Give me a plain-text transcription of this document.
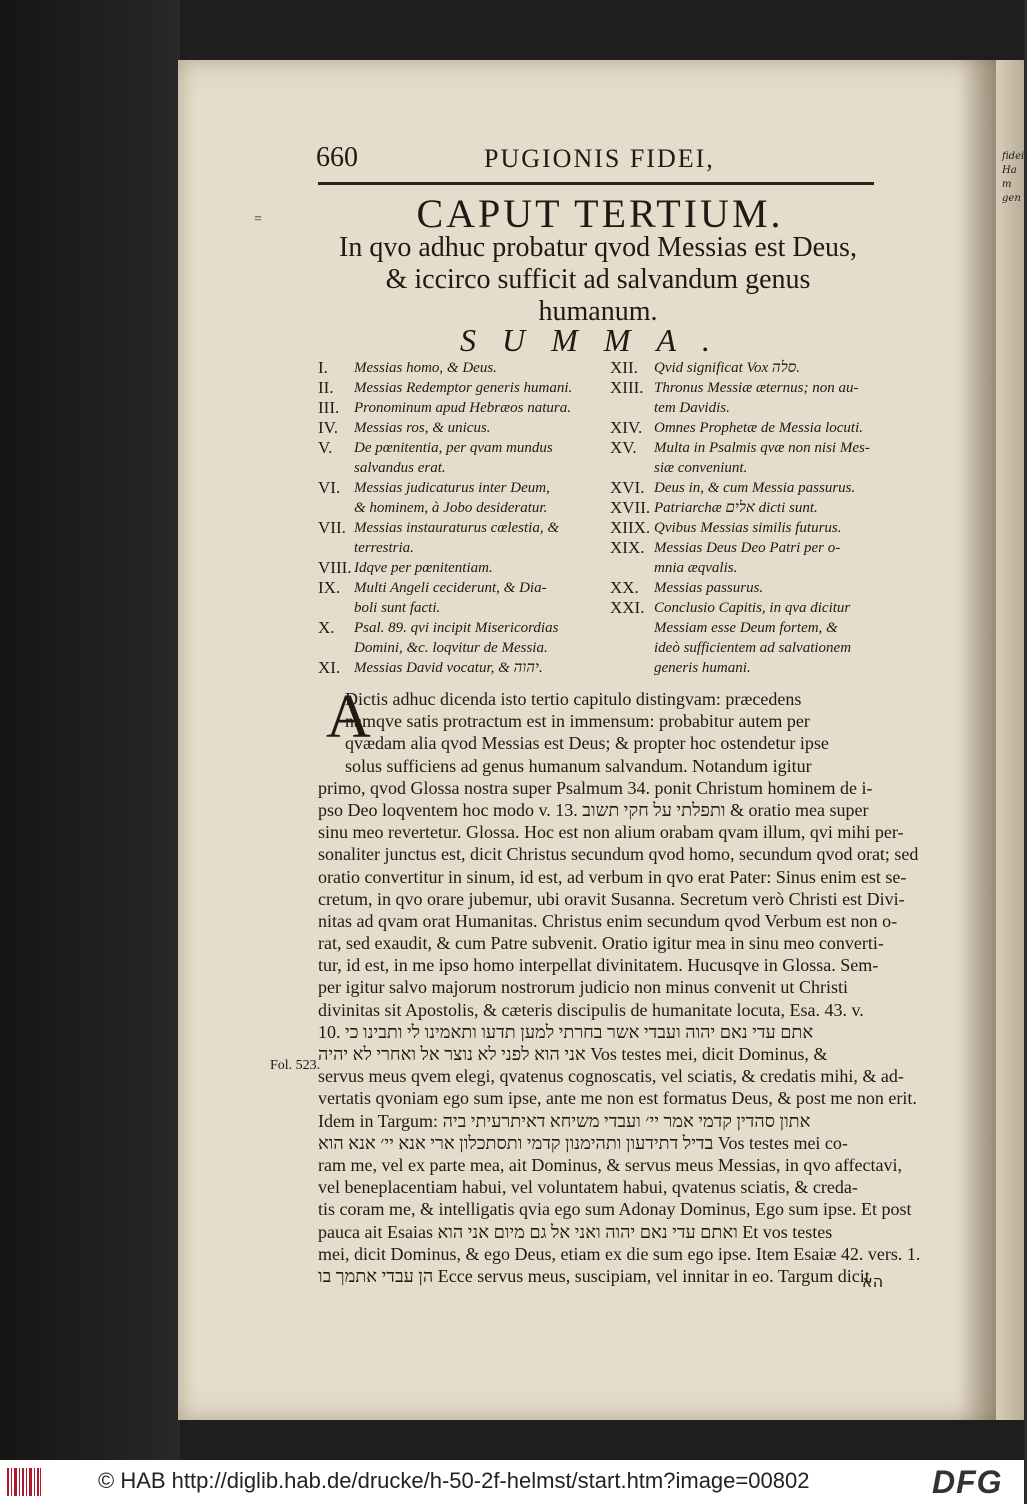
fidei, Ha m gen
660	PUGIONIS FIDEI,
=	CAPUT TERTIUM.
In qvo adhuc probatur qvod Messias est Deus,
& iccirco sufficit ad salvandum genus
humanum.
SUMMA.
I. Messias homo, & Deus.
II. Messias Redemptor generis humani.
III. Pronominum apud Hebræos natura.
IV. Messias ros, & unicus.
V. De pœnitentia, per qvam mundus
salvandus erat.
VI. Messias judicaturus inter Deum,
& hominem, à Jobo desideratur.
VII. Messias instauraturus cœlestia, &
terrestria.
VIII. Idqve per pœnitentiam.
IX. Multi Angeli ceciderunt, & Dia-
boli sunt facti.
X. Psal. 89. qvi incipit Misericordias
Domini, &c. loqvitur de Messia.
XI. Messias David vocatur, & יהוה.
XII. Qvid significat Vox סלה.
XIII. Thronus Messiæ æternus; non au-
tem Davidis.
XIV. Omnes Prophetæ de Messia locuti.
XV. Multa in Psalmis qvæ non nisi Mes-
siæ conveniunt.
XVI. Deus in, & cum Messia passurus.
XVII. Patriarchæ אלים dicti sunt.
XIIX. Qvibus Messias similis futurus.
XIX. Messias Deus Deo Patri per o-
mnia æqvalis.
XX. Messias passurus.
XXI. Conclusio Capitis, in qva dicitur
Messiam esse Deum fortem, &
ideò sufficientem ad salvationem
generis humani.
A
Dictis adhuc dicenda isto tertio capitulo distingvam: præcedens
namqve satis protractum est in immensum: probabitur autem per
qvædam alia qvod Messias est Deus; & propter hoc ostendetur ipse
solus sufficiens ad genus humanum salvandum. Notandum igitur
primo, qvod Glossa nostra super Psalmum 34. ponit Christum hominem de i-
pso Deo loqventem hoc modo v. 13. ותפלתי על חקי תשוב & oratio mea super
sinu meo revertetur. Glossa. Hoc est non alium orabam qvam illum, qvi mihi per-
sonaliter junctus est, dicit Christus secundum qvod homo, secundum qvod orat; sed
oratio convertitur in sinum, id est, ad verbum in qvo erat Pater: Sinus enim est se-
cretum, in qvo orare jubemur, ubi oravit Susanna. Secretum verò Christi est Divi-
nitas ad qvam orat Humanitas. Christus enim secundum qvod Verbum est non o-
rat, sed exaudit, & cum Patre subvenit. Oratio igitur mea in sinu meo converti-
tur, id est, in me ipso homo interpellat divinitatem. Hucusqve in Glossa. Sem-
per igitur salvo majorum nostrorum judicio non minus convenit ut Christi
divinitas sit Apostolis, & cæteris discipulis de humanitate locuta, Esa. 43. v.
10. אתם עדי נאם יהוה ועבדי אשר בחרתי למען תדעו ותאמינו לי ותבינו כי
אני הוא לפני לא נוצר אל ואחרי לא יהיה Vos testes mei, dicit Dominus, &
servus meus qvem elegi, qvatenus cognoscatis, vel sciatis, & credatis mihi, & ad-
vertatis qvoniam ego sum ipse, ante me non est formatus Deus, & post me non erit.
Idem in Targum: אתון סהדין קדמי אמר יי׳ ועבדי משיחא דאיתרעיתי ביה
בדיל דתידעון ותהימנון קדמי ותסתכלון ארי אנא יי׳ אנא הוא Vos testes mei co-
ram me, vel ex parte mea, ait Dominus, & servus meus Messias, in qvo affectavi,
vel beneplacentiam habui, vel voluntatem habui, qvatenus sciatis, & creda-
tis coram me, & intelligatis qvia ego sum Adonay Dominus, Ego sum ipse. Et post
pauca ait Esaias ואתם עדי נאם יהוה ואני אל גם מיום אני הוא Et vos testes
mei, dicit Dominus, & ego Deus, etiam ex die sum ego ipse. Item Esaiæ 42. vers. 1.
הן עבדי אתמך בו Ecce servus meus, suscipiam, vel innitar in eo. Targum dicit
Fol. 523.
הא
© HAB http://diglib.hab.de/drucke/h-50-2f-helmst/start.htm?image=00802	DFG
